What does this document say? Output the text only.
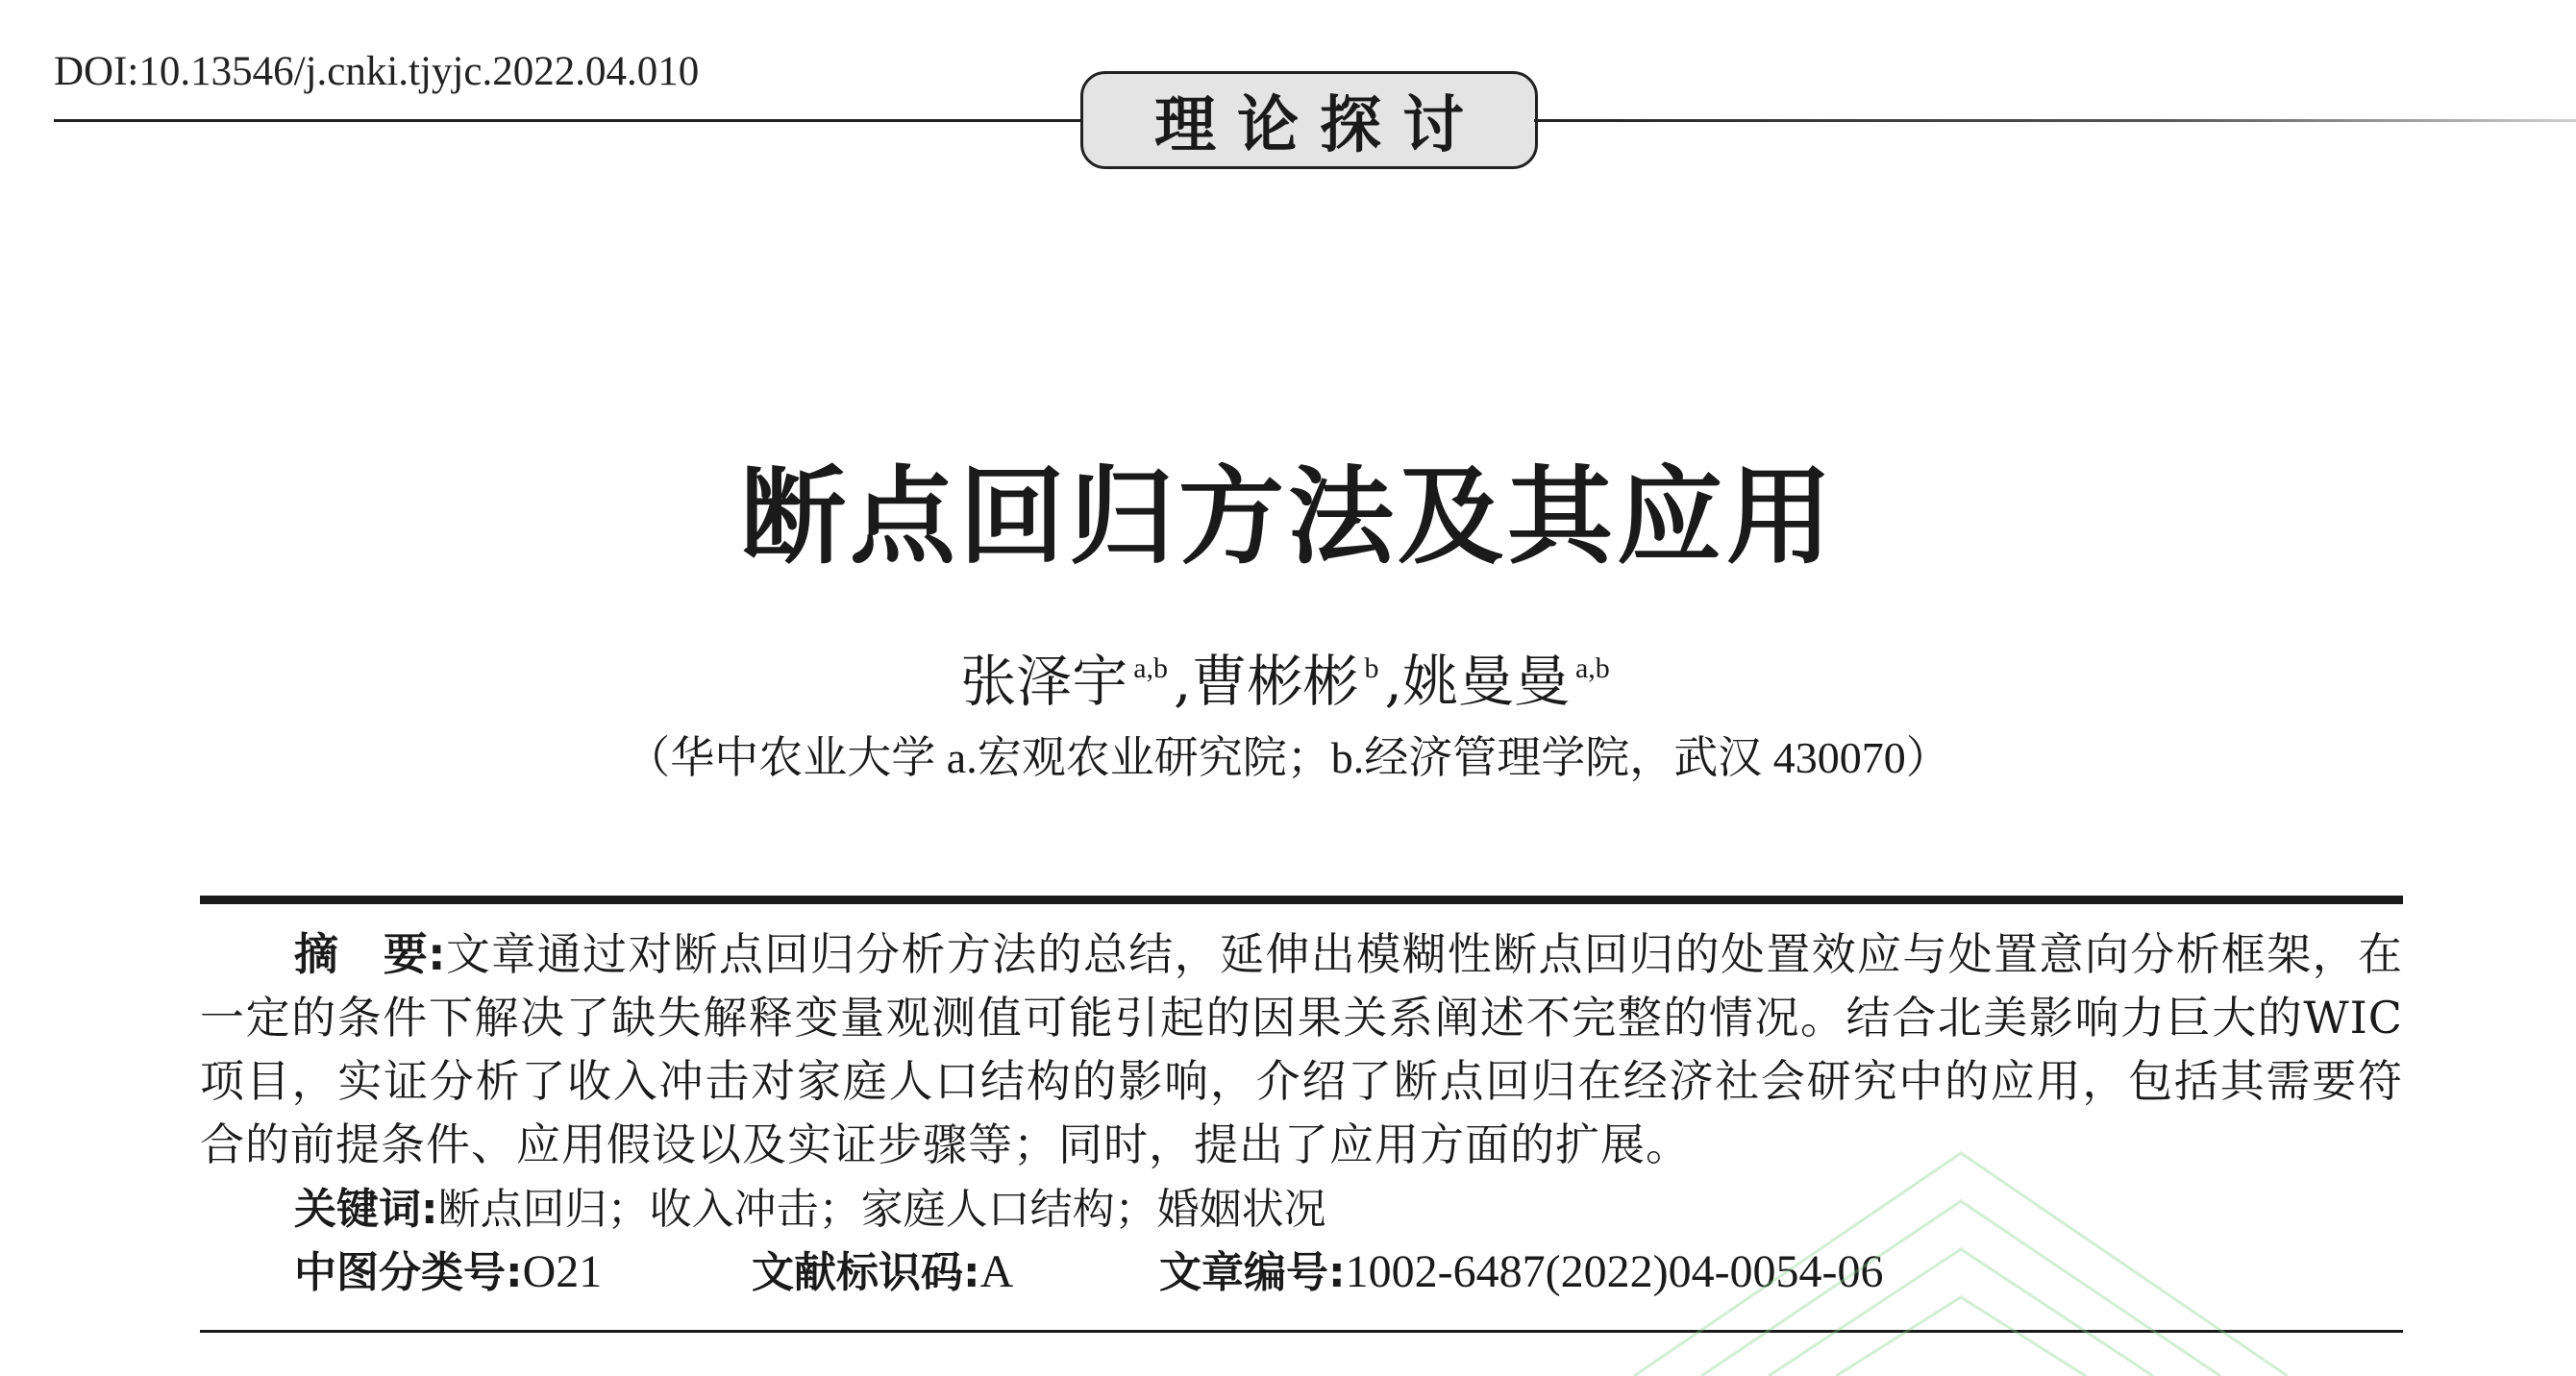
DOI:10.13546/j.cnki.tjyjc.2022.04.010
理论探讨
断点回归方法及其应用
张泽宇 $^{a,b}$ ,曹彬彬 $^b$ ,姚曼曼 $^{a,b}$
（华中农业大学 a.宏观农业研究院；b.经济管理学院，武汉 430070）
摘 要:文章通过对断点回归分析方法的总结，延伸出模糊性断点回归的处置效应与处置意向分析框架，在一定的条件下解决了缺失解释变量观测值可能引起的因果关系阐述不完整的情况。结合北美影响力巨大的WIC项目，实证分析了收入冲击对家庭人口结构的影响，介绍了断点回归在经济社会研究中的应用，包括其需要符合的前提条件、应用假设以及实证步骤等；同时，提出了应用方面的扩展。
关键词:断点回归；收入冲击；家庭人口结构；婚姻状况
中图分类号:O21	文献标识码:A	文章编号:1002-6487(2022)04-0054-06
